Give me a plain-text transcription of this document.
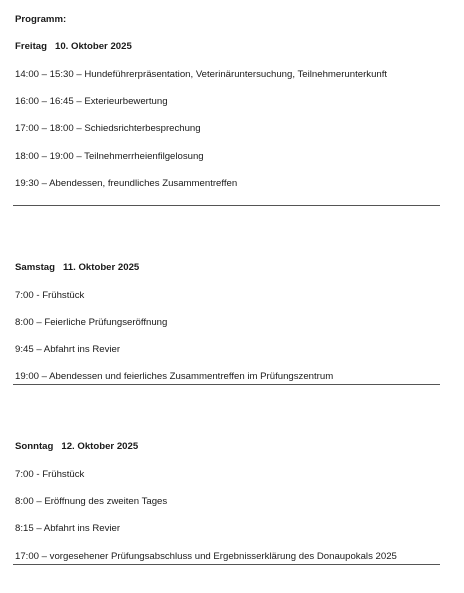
Programm:
Freitag 10. Oktober 2025
14:00 – 15:30 – Hundeführerpräsentation, Veterinäruntersuchung, Teilnehmerunterkunft
16:00 – 16:45 – Exterieurbewertung
17:00 – 18:00 – Schiedsrichterbesprechung
18:00 – 19:00 – Teilnehmerrheienfilgelosung
19:30 – Abendessen, freundliches Zusammentreffen
Samstag 11. Oktober 2025
7:00 - Frühstück
8:00 – Feierliche Prüfungseröffnung
9:45 – Abfahrt ins Revier
19:00 – Abendessen und feierliches Zusammentreffen im Prüfungszentrum
Sonntag 12. Oktober 2025
7:00 - Frühstück
8:00 – Eröffnung des zweiten Tages
8:15 – Abfahrt ins Revier
17:00 – vorgesehener Prüfungsabschluss und Ergebnisserklärung des Donaupokals 2025
